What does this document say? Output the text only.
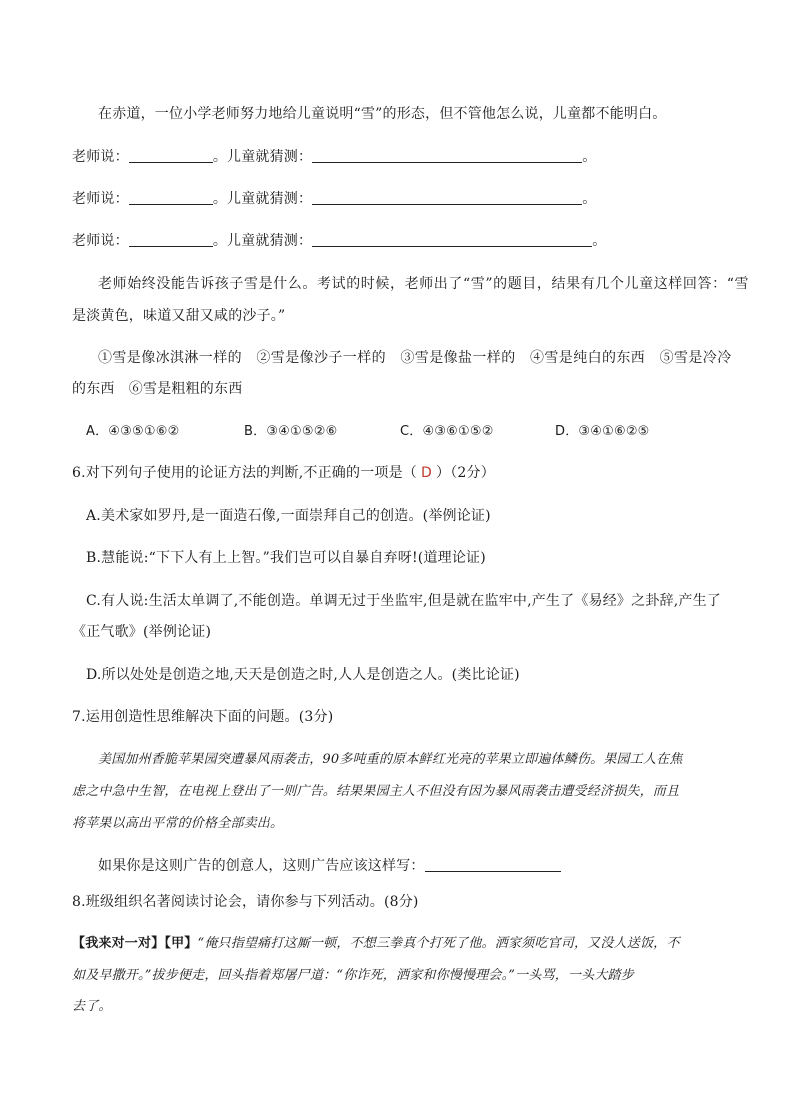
在赤道，一位小学老师努力地给儿童说明“雪”的形态，但不管他怎么说，儿童都不能明白。
老师说：	。儿童就猜测：	。
老师说：	。儿童就猜测：	。
老师说：	。儿童就猜测：	。
老师始终没能告诉孩子雪是什么。考试的时候，老师出了“雪”的题目，结果有几个儿童这样回答：“雪
是淡黄色，味道又甜又咸的沙子。”
①雪是像冰淇淋一样的　②雪是像沙子一样的　③雪是像盐一样的　④雪是纯白的东西　⑤雪是冷冷
的东西　⑥雪是粗粗的东西
A．④③⑤①⑥②	B．③④①⑤②⑥	C．④③⑥①⑤②	D．③④①⑥②⑤
6.对下列句子使用的论证方法的判断,不正确的一项是（ D ）（2分）
A.美术家如罗丹,是一面造石像,一面崇拜自己的创造。(举例论证)
B.慧能说:“下下人有上上智。”我们岂可以自暴自弃呀!(道理论证)
C.有人说:生活太单调了,不能创造。单调无过于坐监牢,但是就在监牢中,产生了《易经》之卦辞,产生了
《正气歌》(举例论证)
D.所以处处是创造之地,天天是创造之时,人人是创造之人。(类比论证)
7.运用创造性思维解决下面的问题。(3分)
美国加州香脆苹果园突遭暴风雨袭击，90多吨重的原本鲜红光亮的苹果立即遍体鳞伤。果园工人在焦
虑之中急中生智，在电视上登出了一则广告。结果果园主人不但没有因为暴风雨袭击遭受经济损失，而且
将苹果以高出平常的价格全部卖出。
如果你是这则广告的创意人，这则广告应该这样写：
8.班级组织名著阅读讨论会，请你参与下列活动。(8分)
【我来对一对】【甲】“俺只指望痛打这厮一顿，不想三拳真个打死了他。洒家须吃官司，又没人送饭，不
如及早撒开。”拔步便走，回头指着郑屠尸道：“你诈死，洒家和你慢慢理会。”一头骂，一头大踏步
去了。
